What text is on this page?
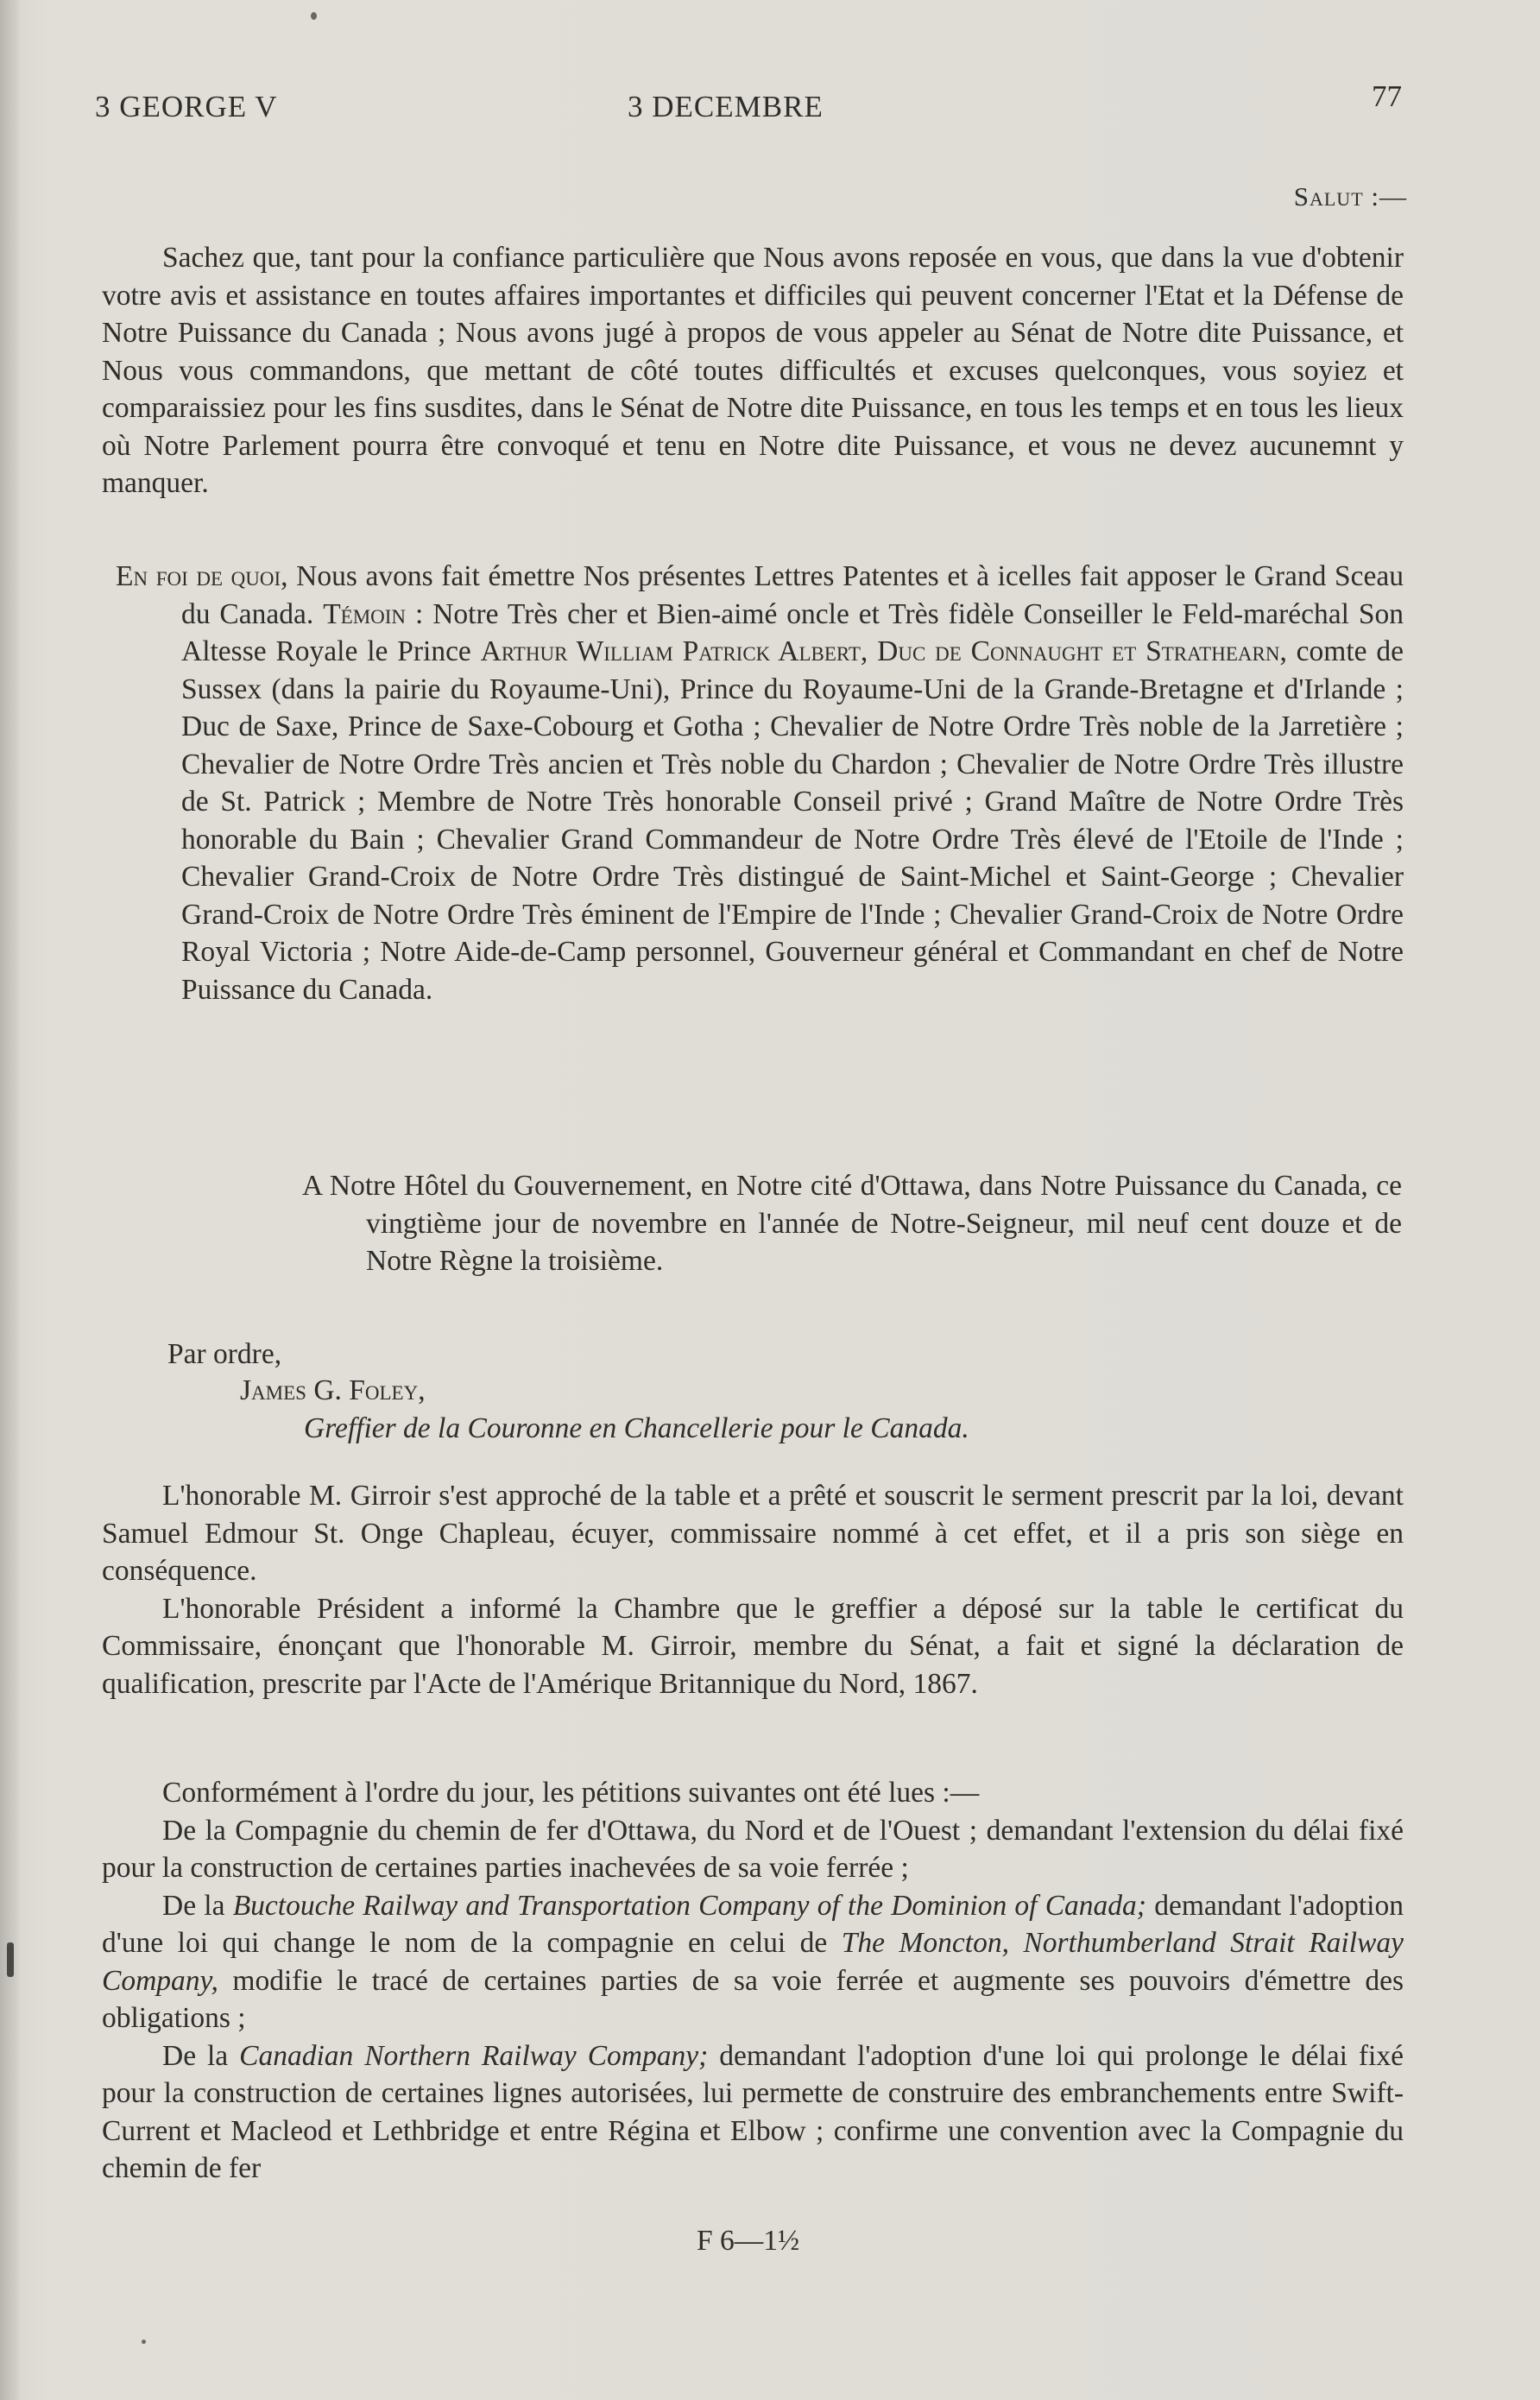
3 GEORGE V	3 DECEMBRE	77
Salut :—

Sachez que, tant pour la confiance particulière que Nous avons reposée en vous, que dans la vue d'obtenir votre avis et assistance en toutes affaires importantes et difficiles qui peuvent concerner l'Etat et la Défense de Notre Puissance du Canada ; Nous avons jugé à propos de vous appeler au Sénat de Notre dite Puissance, et Nous vous commandons, que mettant de côté toutes difficultés et excuses quelconques, vous soyiez et comparaissiez pour les fins susdites, dans le Sénat de Notre dite Puissance, en tous les temps et en tous les lieux où Notre Parlement pourra être convoqué et tenu en Notre dite Puissance, et vous ne devez aucunemnt y manquer.

En foi de quoi, Nous avons fait émettre Nos présentes Lettres Patentes et à icelles fait apposer le Grand Sceau du Canada. Témoin : Notre Très cher et Bien-aimé oncle et Très fidèle Conseiller le Feld-maréchal Son Altesse Royale le Prince Arthur William Patrick Albert, Duc de Connaught et Strathearn, comte de Sussex (dans la pairie du Royaume-Uni), Prince du Royaume-Uni de la Grande-Bretagne et d'Irlande ; Duc de Saxe, Prince de Saxe-Cobourg et Gotha ; Chevalier de Notre Ordre Très noble de la Jarretière ; Chevalier de Notre Ordre Très ancien et Très noble du Chardon ; Chevalier de Notre Ordre Très illustre de St. Patrick ; Membre de Notre Très honorable Conseil privé ; Grand Maître de Notre Ordre Très honorable du Bain ; Chevalier Grand Commandeur de Notre Ordre Très élevé de l'Etoile de l'Inde ; Chevalier Grand-Croix de Notre Ordre Très distingué de Saint-Michel et Saint-George ; Chevalier Grand-Croix de Notre Ordre Très éminent de l'Empire de l'Inde ; Chevalier Grand-Croix de Notre Ordre Royal Victoria ; Notre Aide-de-Camp personnel, Gouverneur général et Commandant en chef de Notre Puissance du Canada.

A Notre Hôtel du Gouvernement, en Notre cité d'Ottawa, dans Notre Puissance du Canada, ce vingtième jour de novembre en l'année de Notre-Seigneur, mil neuf cent douze et de Notre Règne la troisième.

Par ordre,
James G. Foley,
Greffier de la Couronne en Chancellerie pour le Canada.

L'honorable M. Girroir s'est approché de la table et a prêté et souscrit le serment prescrit par la loi, devant Samuel Edmour St. Onge Chapleau, écuyer, commissaire nommé à cet effet, et il a pris son siège en conséquence.

L'honorable Président a informé la Chambre que le greffier a déposé sur la table le certificat du Commissaire, énonçant que l'honorable M. Girroir, membre du Sénat, a fait et signé la déclaration de qualification, prescrite par l'Acte de l'Amérique Britannique du Nord, 1867.

Conformément à l'ordre du jour, les pétitions suivantes ont été lues :—

De la Compagnie du chemin de fer d'Ottawa, du Nord et de l'Ouest ; demandant l'extension du délai fixé pour la construction de certaines parties inachevées de sa voie ferrée ;

De la Buctouche Railway and Transportation Company of the Dominion of Canada; demandant l'adoption d'une loi qui change le nom de la compagnie en celui de The Moncton, Northumberland Strait Railway Company, modifie le tracé de certaines parties de sa voie ferrée et augmente ses pouvoirs d'émettre des obligations ;

De la Canadian Northern Railway Company; demandant l'adoption d'une loi qui prolonge le délai fixé pour la construction de certaines lignes autorisées, lui permette de construire des embranchements entre Swift-Current et Macleod et Lethbridge et entre Régina et Elbow ; confirme une convention avec la Compagnie du chemin de fer

F 6—1½
